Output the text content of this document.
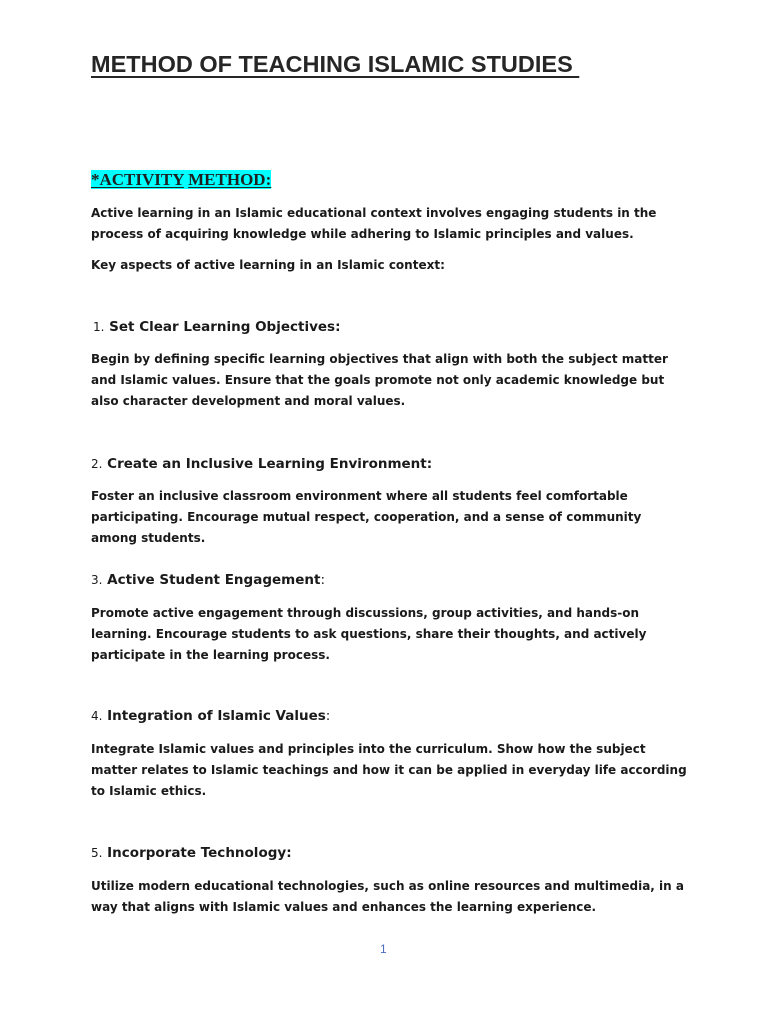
METHOD OF TEACHING ISLAMIC STUDIES
*ACTIVITY METHOD:

Active learning in an Islamic educational context involves engaging students in the process of acquiring knowledge while adhering to Islamic principles and values.

Key aspects of active learning in an Islamic context:

1. Set Clear Learning Objectives:

Begin by defining specific learning objectives that align with both the subject matter and Islamic values. Ensure that the goals promote not only academic knowledge but also character development and moral values.

2. Create an Inclusive Learning Environment:

Foster an inclusive classroom environment where all students feel comfortable participating. Encourage mutual respect, cooperation, and a sense of community among students.

3. Active Student Engagement:

Promote active engagement through discussions, group activities, and hands-on learning. Encourage students to ask questions, share their thoughts, and actively participate in the learning process.

4. Integration of Islamic Values:

Integrate Islamic values and principles into the curriculum. Show how the subject matter relates to Islamic teachings and how it can be applied in everyday life according to Islamic ethics.

5. Incorporate Technology:

Utilize modern educational technologies, such as online resources and multimedia, in a way that aligns with Islamic values and enhances the learning experience.

1
